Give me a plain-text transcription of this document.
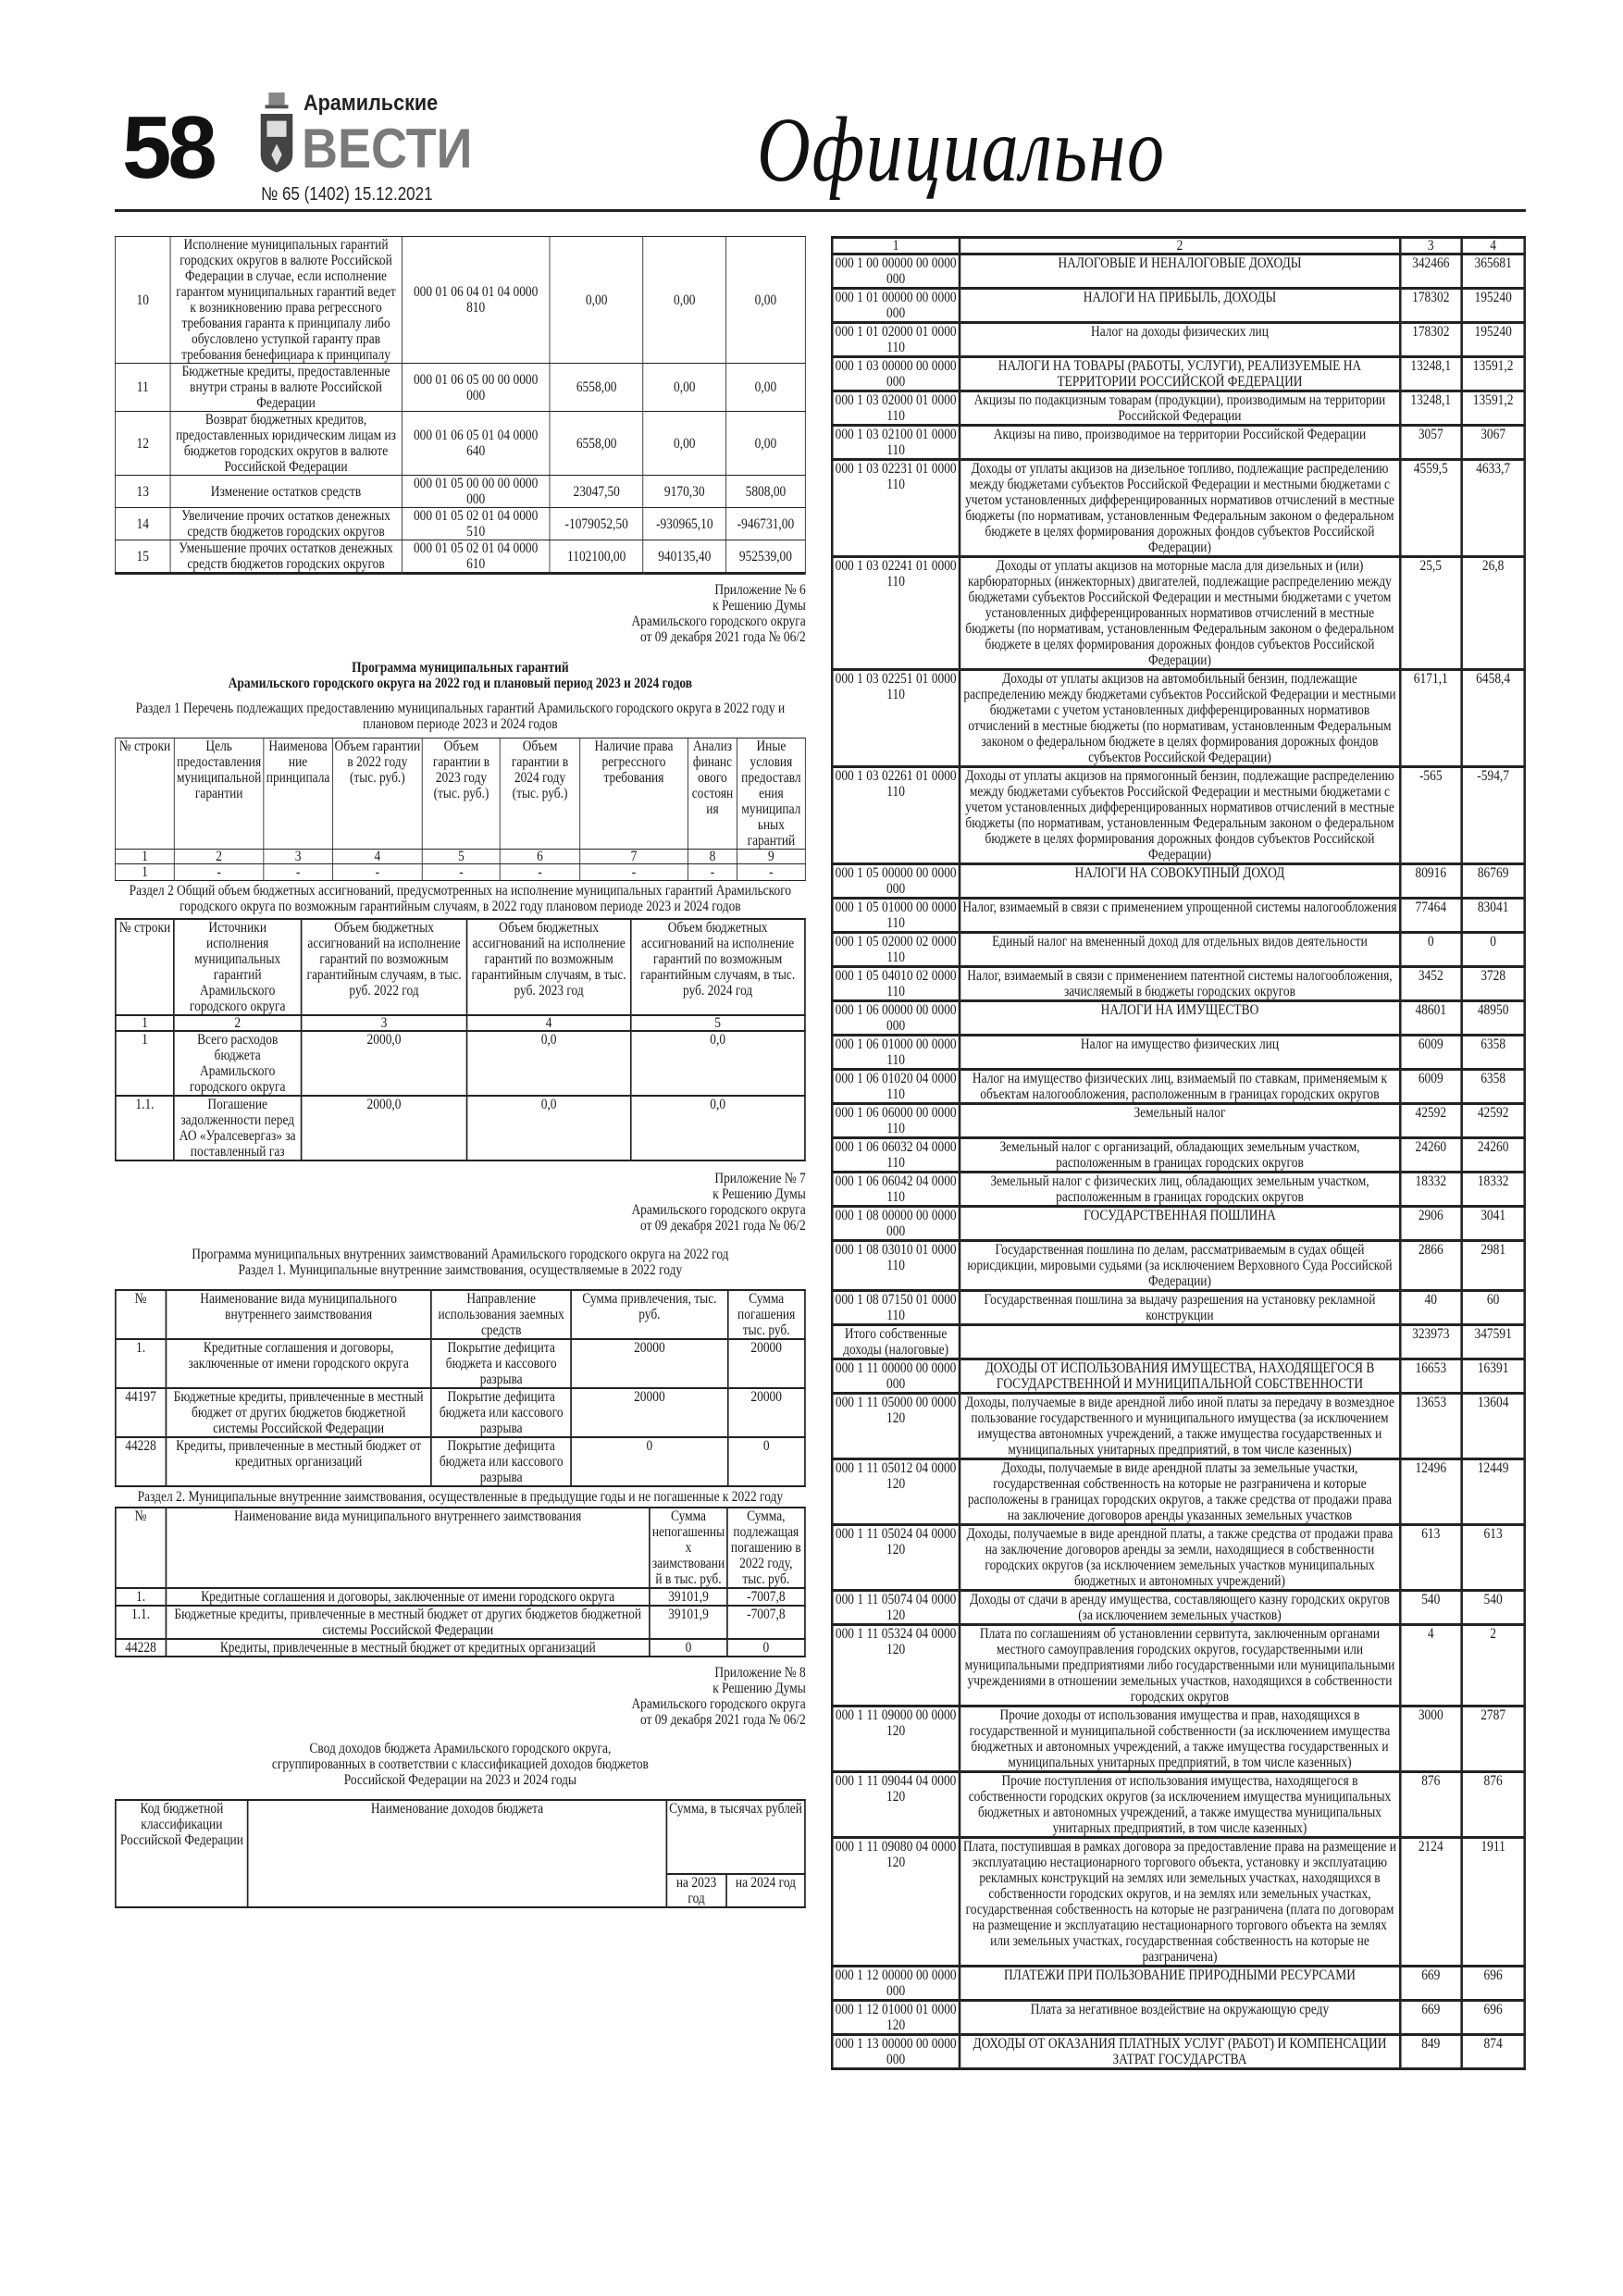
58	Арамильские
ВЕСТИ
№ 65 (1402) 15.12.2021	Официально
10	Исполнение муниципальных гарантий городских округов в валюте Российской Федерации в случае, если исполнение гарантом муниципальных гарантий ведет к возникновению права регрессного требования гаранта к принципалу либо обусловлено уступкой гаранту прав требования бенефициара к принципалу	000 01 06 04 01 04 0000 810	0,00	0,00	0,00
11	Бюджетные кредиты, предоставленные внутри страны в валюте Российской Федерации	000 01 06 05 00 00 0000 000	6558,00	0,00	0,00
12	Возврат бюджетных кредитов, предоставленных юридическим лицам из бюджетов городских округов в валюте Российской Федерации	000 01 06 05 01 04 0000 640	6558,00	0,00	0,00
13	Изменение остатков средств	000 01 05 00 00 00 0000 000	23047,50	9170,30	5808,00
14	Увеличение прочих остатков денежных средств бюджетов городских округов	000 01 05 02 01 04 0000 510	-1079052,50	-930965,10	-946731,00
15	Уменьшение прочих остатков денежных средств бюджетов городских округов	000 01 05 02 01 04 0000 610	1102100,00	940135,40	952539,00
Приложение № 6
к Решению Думы
Арамильского городского округа
от 09 декабря 2021 года № 06/2
Программа муниципальных гарантий
Арамильского городского округа на 2022 год и плановый период 2023 и 2024 годов
Раздел 1 Перечень подлежащих предоставлению муниципальных гарантий Арамильского городского округа в 2022 году и плановом периоде 2023 и 2024 годов
№ строки	Цель предоставления муниципальной гарантии	Наименование принципала	Объем гарантии в 2022 году (тыс. руб.)	Объем гарантии в 2023 году (тыс. руб.)	Объем гарантии в 2024 году (тыс. руб.)	Наличие права регрессного требования	Анализ финансового состояния	Иные условия предоставления муниципальных гарантий
1	2	3	4	5	6	7	8	9
1	-	-	-	-	-	-	-	-
Раздел 2 Общий объем бюджетных ассигнований, предусмотренных на исполнение муниципальных гарантий Арамильского городского округа по возможным гарантийным случаям, в 2022 году плановом периоде 2023 и 2024 годов
№ строки	Источники исполнения муниципальных гарантий Арамильского городского округа	Объем бюджетных ассигнований на исполнение гарантий по возможным гарантийным случаям, в тыс. руб. 2022 год	Объем бюджетных ассигнований на исполнение гарантий по возможным гарантийным случаям, в тыс. руб. 2023 год	Объем бюджетных ассигнований на исполнение гарантий по возможным гарантийным случаям, в тыс. руб. 2024 год
1	2	3	4	5
1	Всего расходов бюджета Арамильского городского округа	2000,0	0,0	0,0
1.1.	Погашение задолженности перед АО «Уралсевергаз» за поставленный газ	2000,0	0,0	0,0
Приложение № 7
к Решению Думы
Арамильского городского округа
от 09 декабря 2021 года № 06/2
Программа муниципальных внутренних заимствований Арамильского городского округа на 2022 год
Раздел 1. Муниципальные внутренние заимствования, осуществляемые в 2022 году
№	Наименование вида муниципального внутреннего заимствования	Направление использования заемных средств	Сумма привлечения, тыс. руб.	Сумма погашения тыс. руб.
1.	Кредитные соглашения и договоры, заключенные от имени городского округа	Покрытие дефицита бюджета и кассового разрыва	20000	20000
44197	Бюджетные кредиты, привлеченные в местный бюджет от других бюджетов бюджетной системы Российской Федерации	Покрытие дефицита бюджета или кассового разрыва	20000	20000
44228	Кредиты, привлеченные в местный бюджет от кредитных организаций	Покрытие дефицита бюджета или кассового разрыва	0	0
Раздел 2. Муниципальные внутренние заимствования, осуществленные в предыдущие годы и не погашенные к 2022 году
№	Наименование вида муниципального внутреннего заимствования	Сумма непогашенных заимствований в тыс. руб.	Сумма, подлежащая погашению в 2022 году, тыс. руб.
1.	Кредитные соглашения и договоры, заключенные от имени городского округа	39101,9	-7007,8
1.1.	Бюджетные кредиты, привлеченные в местный бюджет от других бюджетов бюджетной системы Российской Федерации	39101,9	-7007,8
44228	Кредиты, привлеченные в местный бюджет от кредитных организаций	0	0
Приложение № 8
к Решению Думы
Арамильского городского округа
от 09 декабря 2021 года № 06/2
Свод доходов бюджета Арамильского городского округа,
сгруппированных в соответствии с классификацией доходов бюджетов
Российской Федерации на 2023 и 2024 годы
Код бюджетной классификации Российской Федерации	Наименование доходов бюджета	Сумма, в тысячах рублей	
		на 2023 год	на 2024 год
1	2	3	4
000 1 00 00000 00 0000 000	НАЛОГОВЫЕ И НЕНАЛОГОВЫЕ ДОХОДЫ	342466	365681
000 1 01 00000 00 0000 000	НАЛОГИ НА ПРИБЫЛЬ, ДОХОДЫ	178302	195240
000 1 01 02000 01 0000 110	Налог на доходы физических лиц	178302	195240
000 1 03 00000 00 0000 000	НАЛОГИ НА ТОВАРЫ (РАБОТЫ, УСЛУГИ), РЕАЛИЗУЕМЫЕ НА ТЕРРИТОРИИ РОССИЙСКОЙ ФЕДЕРАЦИИ	13248,1	13591,2
000 1 03 02000 01 0000 110	Акцизы по подакцизным товарам (продукции), производимым на территории Российской Федерации	13248,1	13591,2
000 1 03 02100 01 0000 110	Акцизы на пиво, производимое на территории Российской Федерации	3057	3067
000 1 03 02231 01 0000 110	Доходы от уплаты акцизов на дизельное топливо, подлежащие распределению между бюджетами субъектов Российской Федерации и местными бюджетами с учетом установленных дифференцированных нормативов отчислений в местные бюджеты (по нормативам, установленным Федеральным законом о федеральном бюджете в целях формирования дорожных фондов субъектов Российской Федерации)	4559,5	4633,7
000 1 03 02241 01 0000 110	Доходы от уплаты акцизов на моторные масла для дизельных и (или) карбюраторных (инжекторных) двигателей, подлежащие распределению между бюджетами субъектов Российской Федерации и местными бюджетами с учетом установленных дифференцированных нормативов отчислений в местные бюджеты (по нормативам, установленным Федеральным законом о федеральном бюджете в целях формирования дорожных фондов субъектов Российской Федерации)	25,5	26,8
000 1 03 02251 01 0000 110	Доходы от уплаты акцизов на автомобильный бензин, подлежащие распределению между бюджетами субъектов Российской Федерации и местными бюджетами с учетом установленных дифференцированных нормативов отчислений в местные бюджеты (по нормативам, установленным Федеральным законом о федеральном бюджете в целях формирования дорожных фондов субъектов Российской Федерации)	6171,1	6458,4
000 1 03 02261 01 0000 110	Доходы от уплаты акцизов на прямогонный бензин, подлежащие распределению между бюджетами субъектов Российской Федерации и местными бюджетами с учетом установленных дифференцированных нормативов отчислений в местные бюджеты (по нормативам, установленным Федеральным законом о федеральном бюджете в целях формирования дорожных фондов субъектов Российской Федерации)	-565	-594,7
000 1 05 00000 00 0000 000	НАЛОГИ НА СОВОКУПНЫЙ ДОХОД	80916	86769
000 1 05 01000 00 0000 110	Налог, взимаемый в связи с применением упрощенной системы налогообложения	77464	83041
000 1 05 02000 02 0000 110	Единый налог на вмененный доход для отдельных видов деятельности	0	0
000 1 05 04010 02 0000 110	Налог, взимаемый в связи с применением патентной системы налогообложения, зачисляемый в бюджеты городских округов	3452	3728
000 1 06 00000 00 0000 000	НАЛОГИ НА ИМУЩЕСТВО	48601	48950
000 1 06 01000 00 0000 110	Налог на имущество физических лиц	6009	6358
000 1 06 01020 04 0000 110	Налог на имущество физических лиц, взимаемый по ставкам, применяемым к объектам налогообложения, расположенным в границах городских округов	6009	6358
000 1 06 06000 00 0000 110	Земельный налог	42592	42592
000 1 06 06032 04 0000 110	Земельный налог с организаций, обладающих земельным участком, расположенным в границах городских округов	24260	24260
000 1 06 06042 04 0000 110	Земельный налог с физических лиц, обладающих земельным участком, расположенным в границах городских округов	18332	18332
000 1 08 00000 00 0000 000	ГОСУДАРСТВЕННАЯ ПОШЛИНА	2906	3041
000 1 08 03010 01 0000 110	Государственная пошлина по делам, рассматриваемым в судах общей юрисдикции, мировыми судьями (за исключением Верховного Суда Российской Федерации)	2866	2981
000 1 08 07150 01 0000 110	Государственная пошлина за выдачу разрешения на установку рекламной конструкции	40	60
Итого собственные доходы (налоговые)		323973	347591
000 1 11 00000 00 0000 000	ДОХОДЫ ОТ ИСПОЛЬЗОВАНИЯ ИМУЩЕСТВА, НАХОДЯЩЕГОСЯ В ГОСУДАРСТВЕННОЙ И МУНИЦИПАЛЬНОЙ СОБСТВЕННОСТИ	16653	16391
000 1 11 05000 00 0000 120	Доходы, получаемые в виде арендной либо иной платы за передачу в возмездное пользование государственного и муниципального имущества (за исключением имущества автономных учреждений, а также имущества государственных и муниципальных унитарных предприятий, в том числе казенных)	13653	13604
000 1 11 05012 04 0000 120	Доходы, получаемые в виде арендной платы за земельные участки, государственная собственность на которые не разграничена и которые расположены в границах городских округов, а также средства от продажи права на заключение договоров аренды указанных земельных участков	12496	12449
000 1 11 05024 04 0000 120	Доходы, получаемые в виде арендной платы, а также средства от продажи права на заключение договоров аренды за земли, находящиеся в собственности городских округов (за исключением земельных участков муниципальных бюджетных и автономных учреждений)	613	613
000 1 11 05074 04 0000 120	Доходы от сдачи в аренду имущества, составляющего казну городских округов (за исключением земельных участков)	540	540
000 1 11 05324 04 0000 120	Плата по соглашениям об установлении сервитута, заключенным органами местного самоуправления городских округов, государственными или муниципальными предприятиями либо государственными или муниципальными учреждениями в отношении земельных участков, находящихся в собственности городских округов	4	2
000 1 11 09000 00 0000 120	Прочие доходы от использования имущества и прав, находящихся в государственной и муниципальной собственности (за исключением имущества бюджетных и автономных учреждений, а также имущества государственных и муниципальных унитарных предприятий, в том числе казенных)	3000	2787
000 1 11 09044 04 0000 120	Прочие поступления от использования имущества, находящегося в собственности городских округов (за исключением имущества муниципальных бюджетных и автономных учреждений, а также имущества муниципальных унитарных предприятий, в том числе казенных)	876	876
000 1 11 09080 04 0000 120	Плата, поступившая в рамках договора за предоставление права на размещение и эксплуатацию нестационарного торгового объекта, установку и эксплуатацию рекламных конструкций на землях или земельных участках, находящихся в собственности городских округов, и на землях или земельных участках, государственная собственность на которые не разграничена (плата по договорам на размещение и эксплуатацию нестационарного торгового объекта на землях или земельных участках, государственная собственность на которые не разграничена)	2124	1911
000 1 12 00000 00 0000 000	ПЛАТЕЖИ ПРИ ПОЛЬЗОВАНИЕ ПРИРОДНЫМИ РЕСУРСАМИ	669	696
000 1 12 01000 01 0000 120	Плата за негативное воздействие на окружающую среду	669	696
000 1 13 00000 00 0000 000	ДОХОДЫ ОТ ОКАЗАНИЯ ПЛАТНЫХ УСЛУГ (РАБОТ) И КОМПЕНСАЦИИ ЗАТРАТ ГОСУДАРСТВА	849	874
